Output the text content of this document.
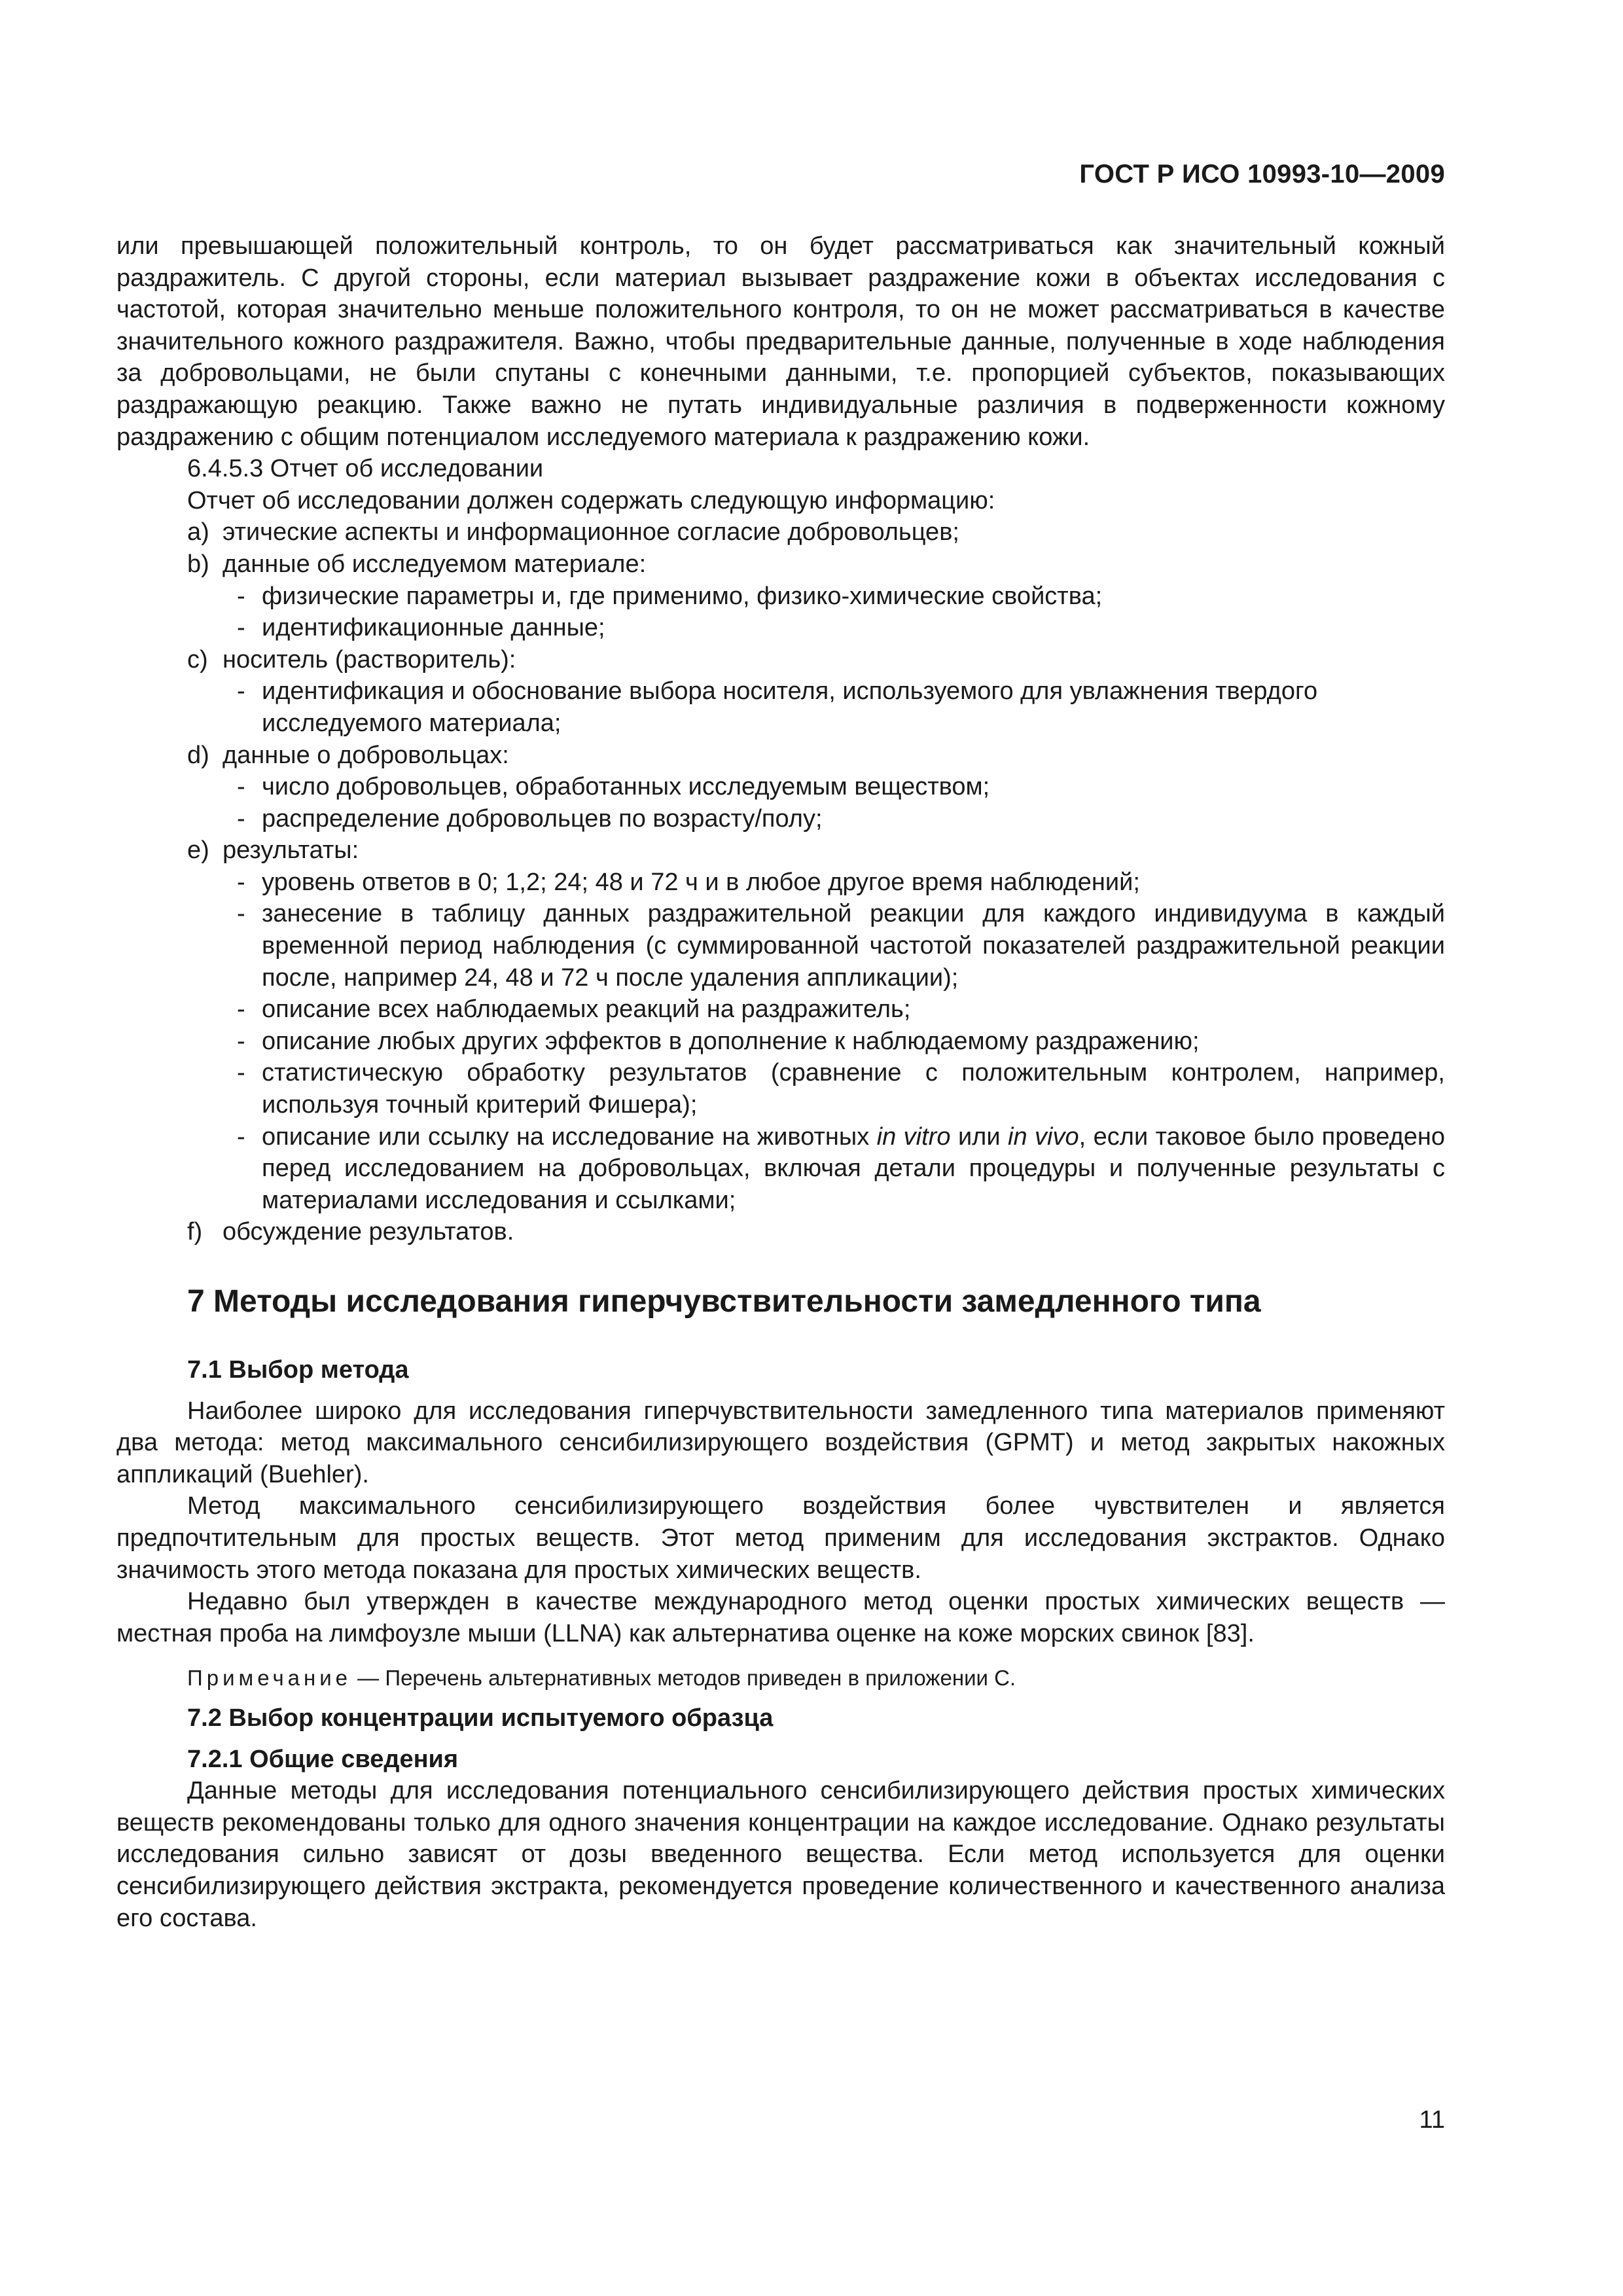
ГОСТ Р ИСО 10993-10—2009

или превышающей положительный контроль, то он будет рассматриваться как значительный кожный раздражитель. С другой стороны, если материал вызывает раздражение кожи в объектах исследования с частотой, которая значительно меньше положительного контроля, то он не может рассматриваться в качестве значительного кожного раздражителя. Важно, чтобы предварительные данные, полученные в ходе наблюдения за добровольцами, не были спутаны с конечными данными, т.е. пропорцией субъектов, показывающих раздражающую реакцию. Также важно не путать индивидуальные различия в подверженности кожному раздражению с общим потенциалом исследуемого материала к раздражению кожи.

6.4.5.3 Отчет об исследовании

Отчет об исследовании должен содержать следующую информацию:

a) этические аспекты и информационное согласие добровольцев;
b) данные об исследуемом материале:
- физические параметры и, где применимо, физико-химические свойства;
- идентификационные данные;
c) носитель (растворитель):
- идентификация и обоснование выбора носителя, используемого для увлажнения твердого исследуемого материала;
d) данные о добровольцах:
- число добровольцев, обработанных исследуемым веществом;
- распределение добровольцев по возрасту/полу;
e) результаты:
- уровень ответов в 0; 1,2; 24; 48 и 72 ч и в любое другое время наблюдений;
- занесение в таблицу данных раздражительной реакции для каждого индивидуума в каждый временной период наблюдения (с суммированной частотой показателей раздражительной реакции после, например 24, 48 и 72 ч после удаления аппликации);
- описание всех наблюдаемых реакций на раздражитель;
- описание любых других эффектов в дополнение к наблюдаемому раздражению;
- статистическую обработку результатов (сравнение с положительным контролем, например, используя точный критерий Фишера);
- описание или ссылку на исследование на животных in vitro или in vivo, если таковое было проведено перед исследованием на добровольцах, включая детали процедуры и полученные результаты с материалами исследования и ссылками;
f) обсуждение результатов.
7 Методы исследования гиперчувствительности замедленного типа
7.1 Выбор метода

Наиболее широко для исследования гиперчувствительности замедленного типа материалов применяют два метода: метод максимального сенсибилизирующего воздействия (GPMT) и метод закрытых накожных аппликаций (Buehler).

Метод максимального сенсибилизирующего воздействия более чувствителен и является предпочтительным для простых веществ. Этот метод применим для исследования экстрактов. Однако значимость этого метода показана для простых химических веществ.

Недавно был утвержден в качестве международного метод оценки простых химических веществ — местная проба на лимфоузле мыши (LLNA) как альтернатива оценке на коже морских свинок [83].

Примечание — Перечень альтернативных методов приведен в приложении С.

7.2 Выбор концентрации испытуемого образца
7.2.1 Общие сведения

Данные методы для исследования потенциального сенсибилизирующего действия простых химических веществ рекомендованы только для одного значения концентрации на каждое исследование. Однако результаты исследования сильно зависят от дозы введенного вещества. Если метод используется для оценки сенсибилизирующего действия экстракта, рекомендуется проведение количественного и качественного анализа его состава.

11
